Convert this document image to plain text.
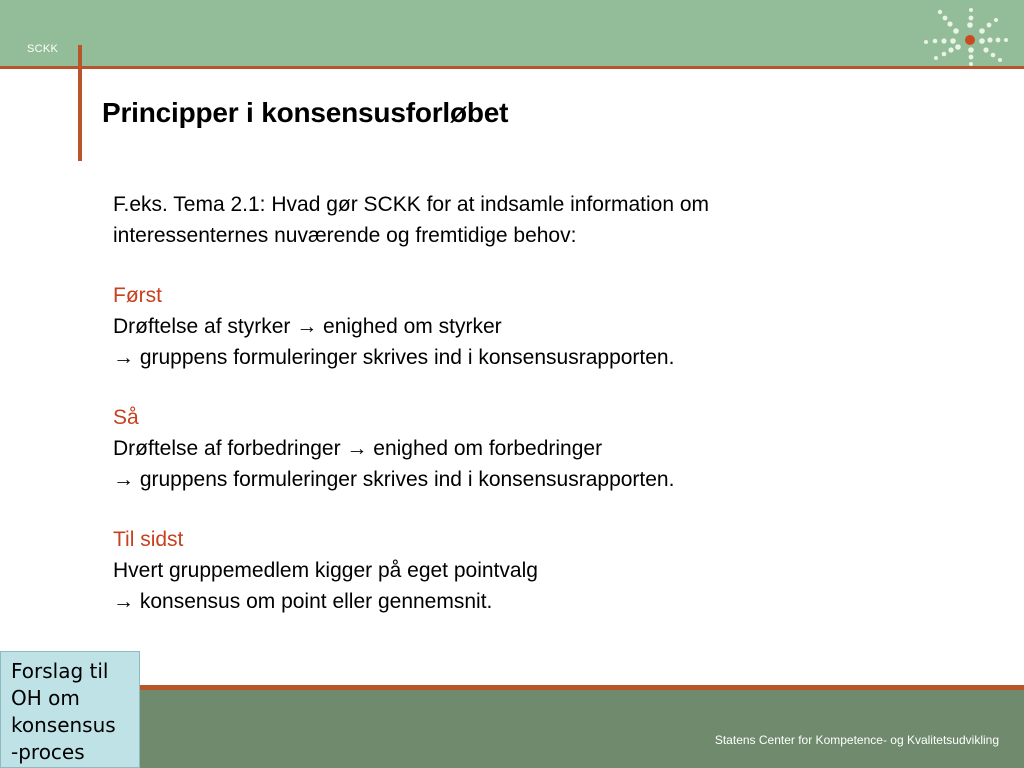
SCKK
Principper i konsensusforløbet

F.eks. Tema 2.1: Hvad gør SCKK for at indsamle information om

interessenternes nuværende og fremtidige behov:

Først

Drøftelse af styrker → enighed om styrker

→ gruppens formuleringer skrives ind i konsensusrapporten.

Så

Drøftelse af forbedringer → enighed om forbedringer

→ gruppens formuleringer skrives ind i konsensusrapporten.

Til sidst

Hvert gruppemedlem kigger på eget pointvalg

→ konsensus om point eller gennemsnit.

Statens Center for Kompetence- og Kvalitetsudvikling
Forslag til
OH om
konsensus
-proces
